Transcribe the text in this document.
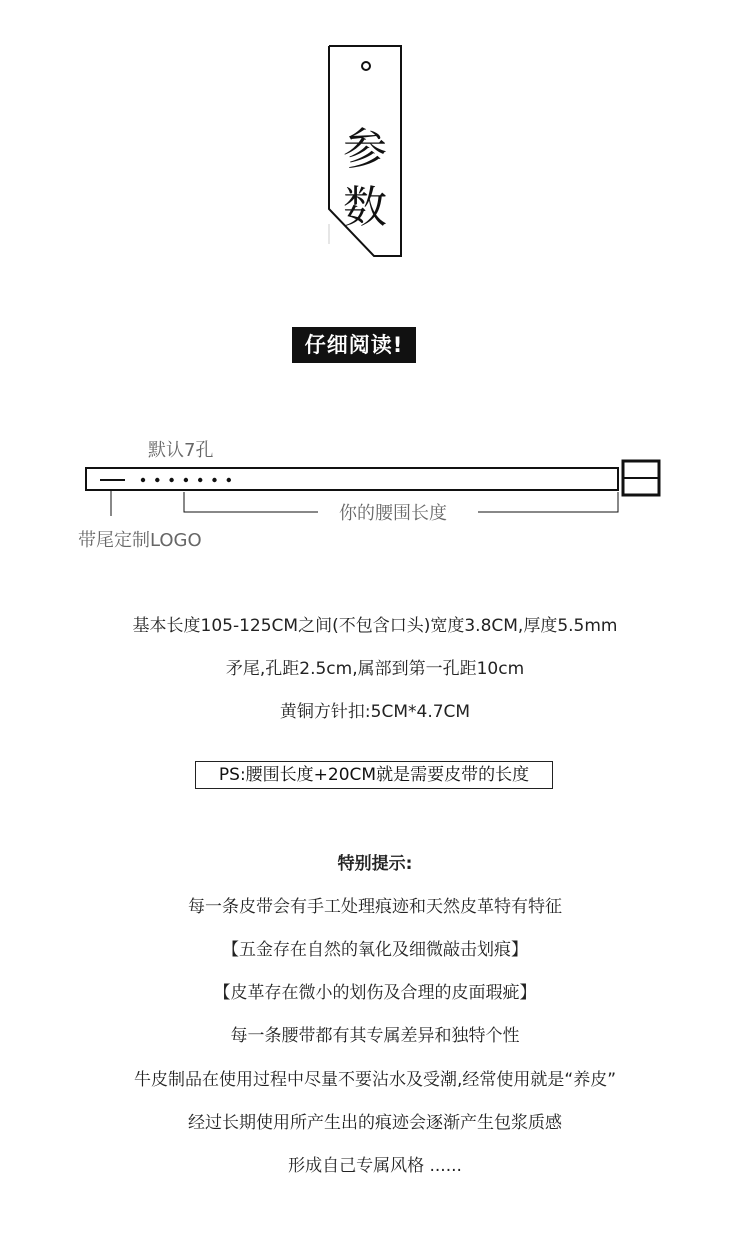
参
数
仔细阅读!
默认7孔
你的腰围长度
带尾定制LOGO
基本长度105-125CM之间(不包含口头)宽度3.8CM,厚度5.5mm
矛尾,孔距2.5cm,属部到第一孔距10cm
黄铜方针扣:5CM*4.7CM
PS:腰围长度+20CM就是需要皮带的长度
特别提示:
每一条皮带会有手工处理痕迹和天然皮革特有特征
【五金存在自然的氧化及细微敲击划痕】
【皮革存在微小的划伤及合理的皮面瑕疵】
每一条腰带都有其专属差异和独特个性
牛皮制品在使用过程中尽量不要沾水及受潮,经常使用就是“养皮”
经过长期使用所产生出的痕迹会逐渐产生包浆质感
形成自己专属风格 ......
